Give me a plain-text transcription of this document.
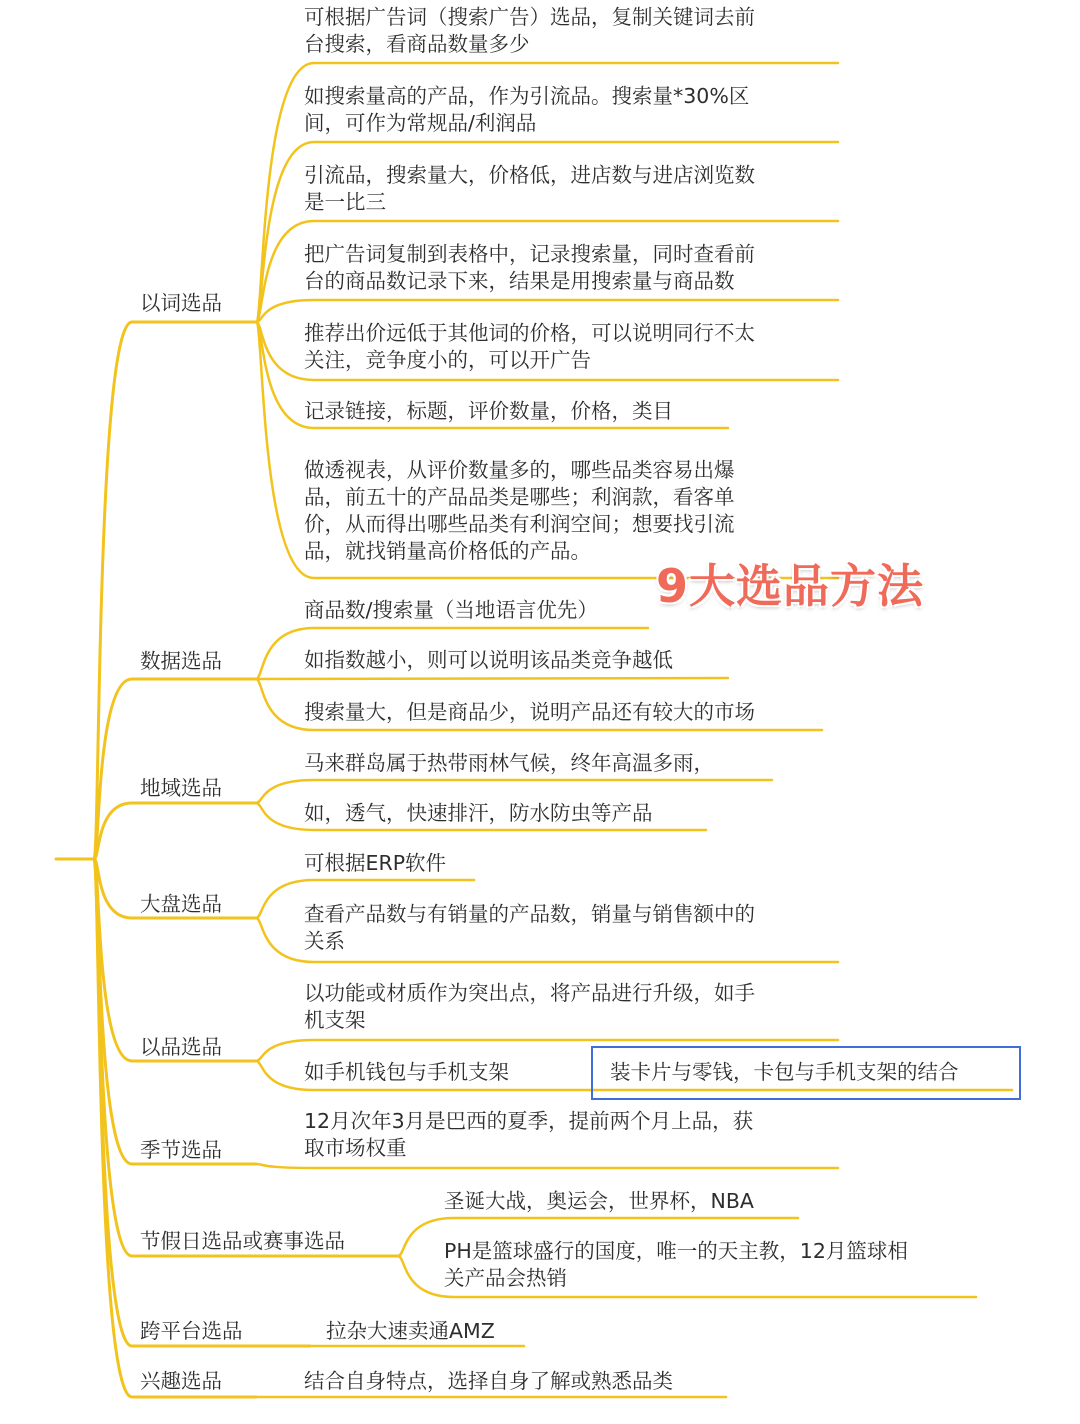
以词选品
数据选品
地域选品
大盘选品
以品选品
季节选品
节假日选品或赛事选品
跨平台选品
兴趣选品

可根据广告词（搜索广告）选品，复制关键词去前
台搜索，看商品数量多少

如搜索量高的产品，作为引流品。搜索量*30%区
间，可作为常规品/利润品

引流品，搜索量大，价格低，进店数与进店浏览数
是一比三

把广告词复制到表格中，记录搜索量，同时查看前
台的商品数记录下来，结果是用搜索量与商品数

推荐出价远低于其他词的价格，可以说明同行不太
关注，竞争度小的，可以开广告

记录链接，标题，评价数量，价格，类目

做透视表，从评价数量多的，哪些品类容易出爆
品，前五十的产品品类是哪些；利润款，看客单
价，从而得出哪些品类有利润空间；想要找引流
品，就找销量高价格低的产品。

商品数/搜索量（当地语言优先）

如指数越小，则可以说明该品类竞争越低

搜索量大，但是商品少，说明产品还有较大的市场

马来群岛属于热带雨林气候，终年高温多雨，

如，透气，快速排汗，防水防虫等产品

可根据ERP软件

查看产品数与有销量的产品数，销量与销售额中的
关系

以功能或材质作为突出点，将产品进行升级，如手
机支架

如手机钱包与手机支架	装卡片与零钱，卡包与手机支架的结合

12月次年3月是巴西的夏季，提前两个月上品，获
取市场权重

圣诞大战，奥运会，世界杯，NBA

PH是篮球盛行的国度，唯一的天主教，12月篮球相
关产品会热销

拉杂大速卖通AMZ

结合自身特点，选择自身了解或熟悉品类

9大选品方法
